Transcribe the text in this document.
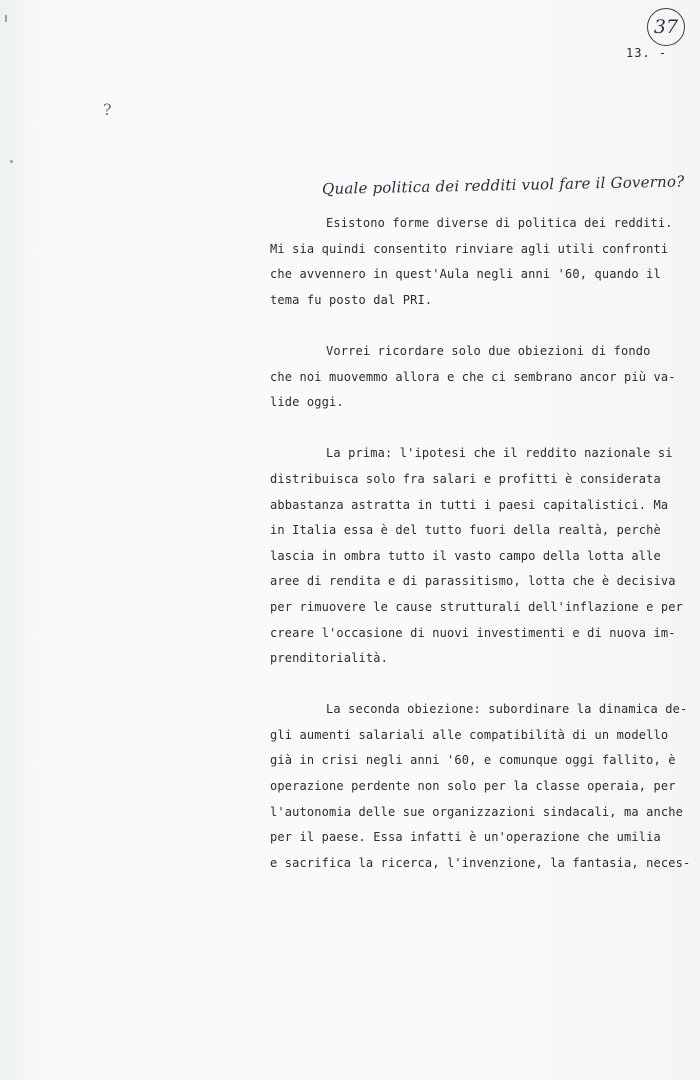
37
13. -
?
Quale politica dei redditi vuol fare il Governo?
Esistono forme diverse di politica dei redditi.
Mi sia quindi consentito rinviare agli utili confronti
che avvennero in quest'Aula negli anni '60, quando il
tema fu posto dal PRI.
Vorrei ricordare solo due obiezioni di fondo
che noi muovemmo allora e che ci sembrano ancor più va-
lide oggi.
La prima: l'ipotesi che il reddito nazionale si
distribuisca solo fra salari e profitti è considerata
abbastanza astratta in tutti i paesi capitalistici. Ma
in Italia essa è del tutto fuori della realtà, perchè
lascia in ombra tutto il vasto campo della lotta alle
aree di rendita e di parassitismo, lotta che è decisiva
per rimuovere le cause strutturali dell'inflazione e per
creare l'occasione di nuovi investimenti e di nuova im-
prenditorialità.
La seconda obiezione: subordinare la dinamica de-
gli aumenti salariali alle compatibilità di un modello
già in crisi negli anni '60, e comunque oggi fallito, è
operazione perdente non solo per la classe operaia, per
l'autonomia delle sue organizzazioni sindacali, ma anche
per il paese. Essa infatti è un'operazione che umilia
e sacrifica la ricerca, l'invenzione, la fantasia, neces-
